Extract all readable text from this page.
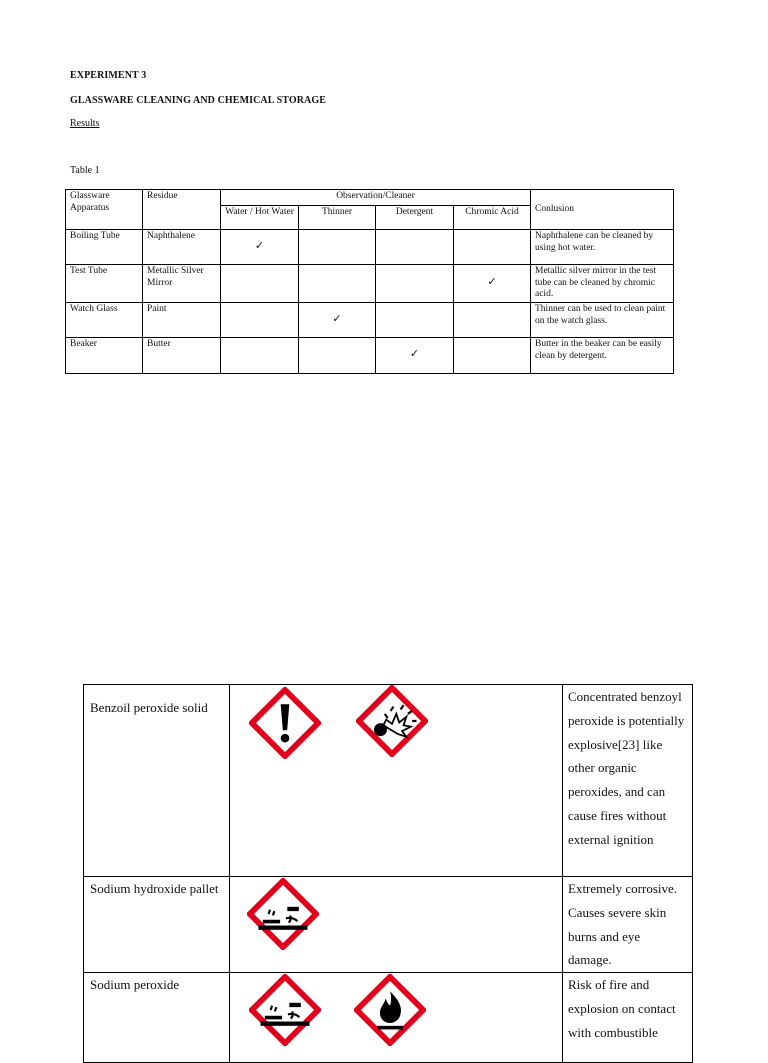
EXPERIMENT 3
GLASSWARE CLEANING AND CHEMICAL STORAGE
Results
Table 1
Glassware Apparatus	Residue	Observation/Cleaner				Conlusion
		Water / Hot Water	Thinner	Detergent	Chromic Acid	
Boiling Tube	Naphthalene	✓				Naphthalene can be cleaned by using hot water.
Test Tube	Metallic Silver Mirror				✓	Metallic silver mirror in the test tube can be cleaned by chromic acid.
Watch Glass	Paint		✓			Thinner can be used to clean paint on the watch glass.
Beaker	Butter			✓		Butter in the beaker can be easily clean by detergent.
Benzoil peroxide solid		Concentrated benzoyl peroxide is potentially explosive[23] like other organic peroxides, and can cause fires without external ignition
Sodium hydroxide pallet		Extremely corrosive. Causes severe skin burns and eye damage.
Sodium peroxide		Risk of fire and explosion on contact with combustible
